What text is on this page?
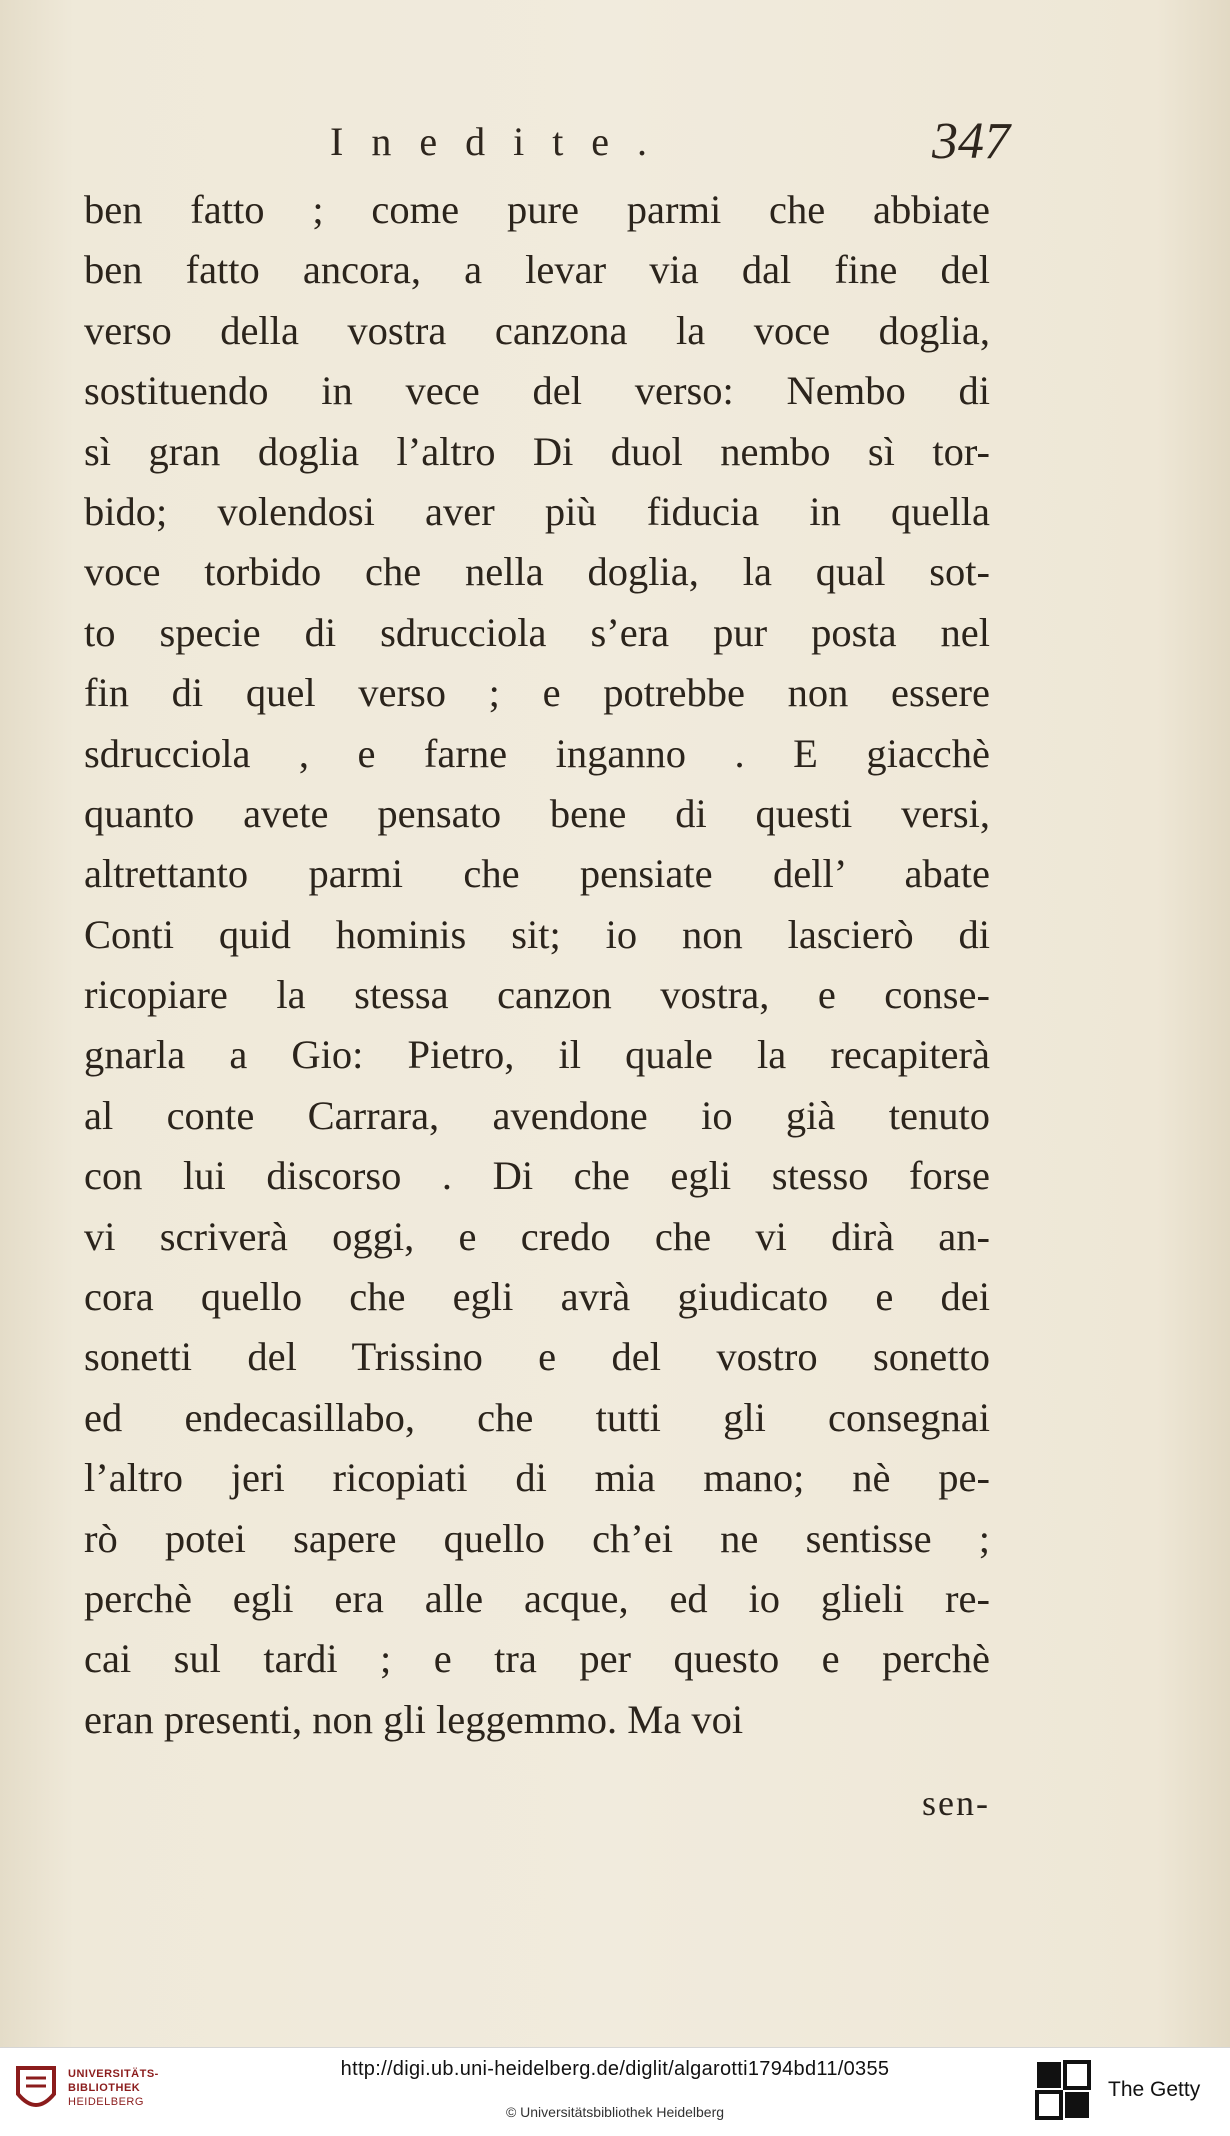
Inedite.	347
ben fatto ; come pure parmi che abbiate
ben fatto ancora, a levar via dal fine del
verso della vostra canzona la voce doglia,
sostituendo in vece del verso: Nembo di
sì gran doglia l’altro Di duol nembo sì tor-
bido; volendosi aver più fiducia in quella
voce torbido che nella doglia, la qual sot-
to specie di sdrucciola s’era pur posta nel
fin di quel verso ; e potrebbe non essere
sdrucciola , e farne inganno . E giacchè
quanto avete pensato bene di questi versi,
altrettanto parmi che pensiate dell’ abate
Conti quid hominis sit; io non lascierò di
ricopiare la stessa canzon vostra, e conse-
gnarla a Gio: Pietro, il quale la recapiterà
al conte Carrara, avendone io già tenuto
con lui discorso . Di che egli stesso forse
vi scriverà oggi, e credo che vi dirà an-
cora quello che egli avrà giudicato e dei
sonetti del Trissino e del vostro sonetto
ed endecasillabo, che tutti gli consegnai
l’altro jeri ricopiati di mia mano; nè pe-
rò potei sapere quello ch’ei ne sentisse ;
perchè egli era alle acque, ed io glieli re-
cai sul tardi ; e tra per questo e perchè
eran presenti, non gli leggemmo. Ma voi
sen-
UNIVERSITÄTS-
BIBLIOTHEK
HEIDELBERG
http://digi.ub.uni-heidelberg.de/diglit/algarotti1794bd11/0355
© Universitätsbibliothek Heidelberg
The Getty
